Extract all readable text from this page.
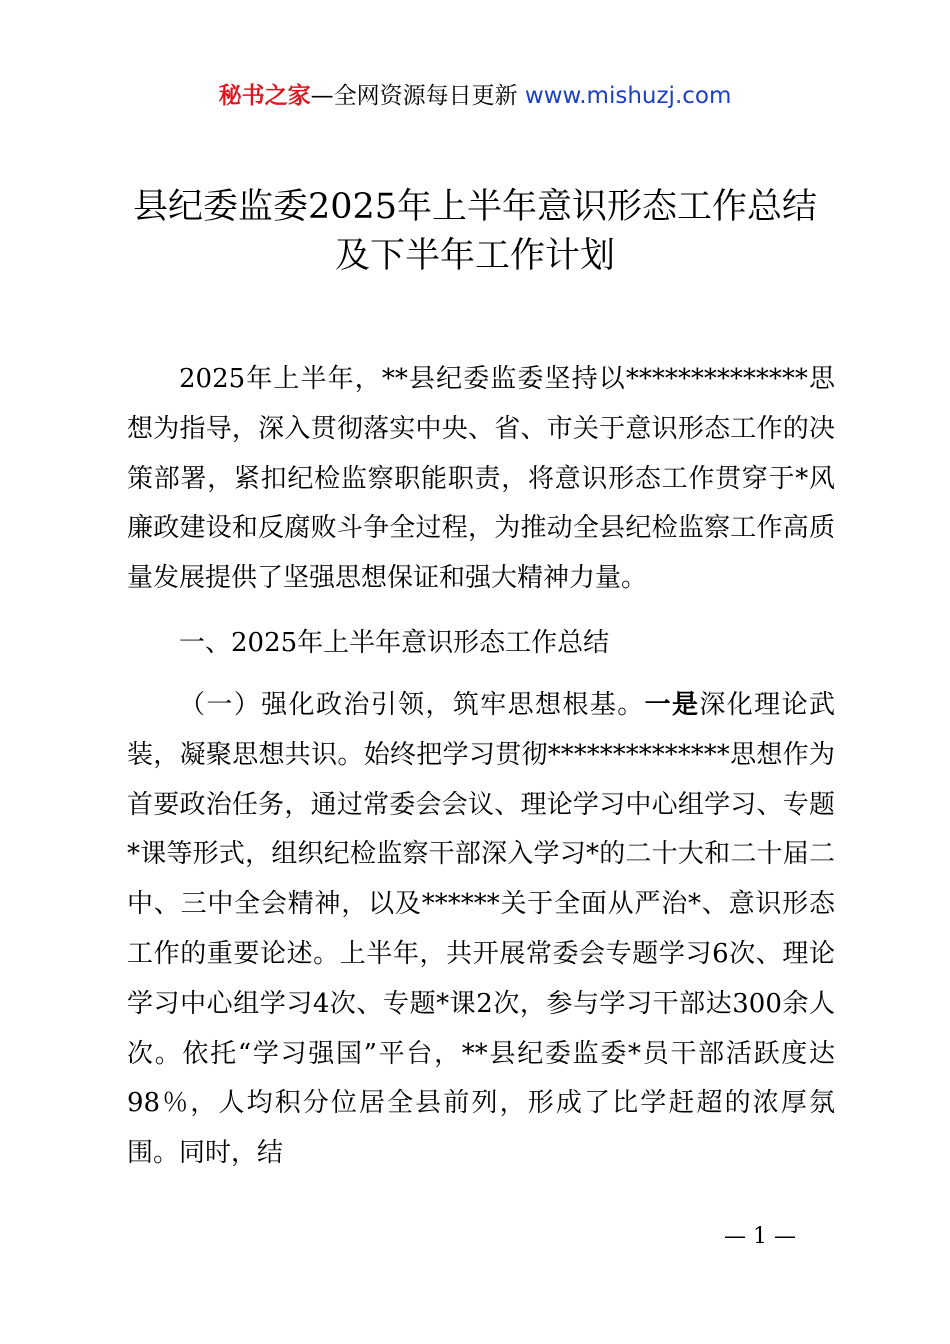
秘书之家—全网资源每日更新 www.mishuzj.com
县纪委监委2025年上半年意识形态工作总结
及下半年工作计划

2025年上半年，**县纪委监委坚持以**************思想为指导，深入贯彻落实中央、省、市关于意识形态工作的决策部署，紧扣纪检监察职能职责，将意识形态工作贯穿于*风廉政建设和反腐败斗争全过程，为推动全县纪检监察工作高质量发展提供了坚强思想保证和强大精神力量。

一、2025年上半年意识形态工作总结

（一）强化政治引领，筑牢思想根基。一是深化理论武装，凝聚思想共识。始终把学习贯彻**************思想作为首要政治任务，通过常委会会议、理论学习中心组学习、专题*课等形式，组织纪检监察干部深入学习*的二十大和二十届二中、三中全会精神，以及******关于全面从严治*、意识形态工作的重要论述。上半年，共开展常委会专题学习6次、理论学习中心组学习4次、专题*课2次，参与学习干部达300余人次。依托“学习强国”平台，**县纪委监委*员干部活跃度达98％，人均积分位居全县前列，形成了比学赶超的浓厚氛围。同时，结

— 1 —
